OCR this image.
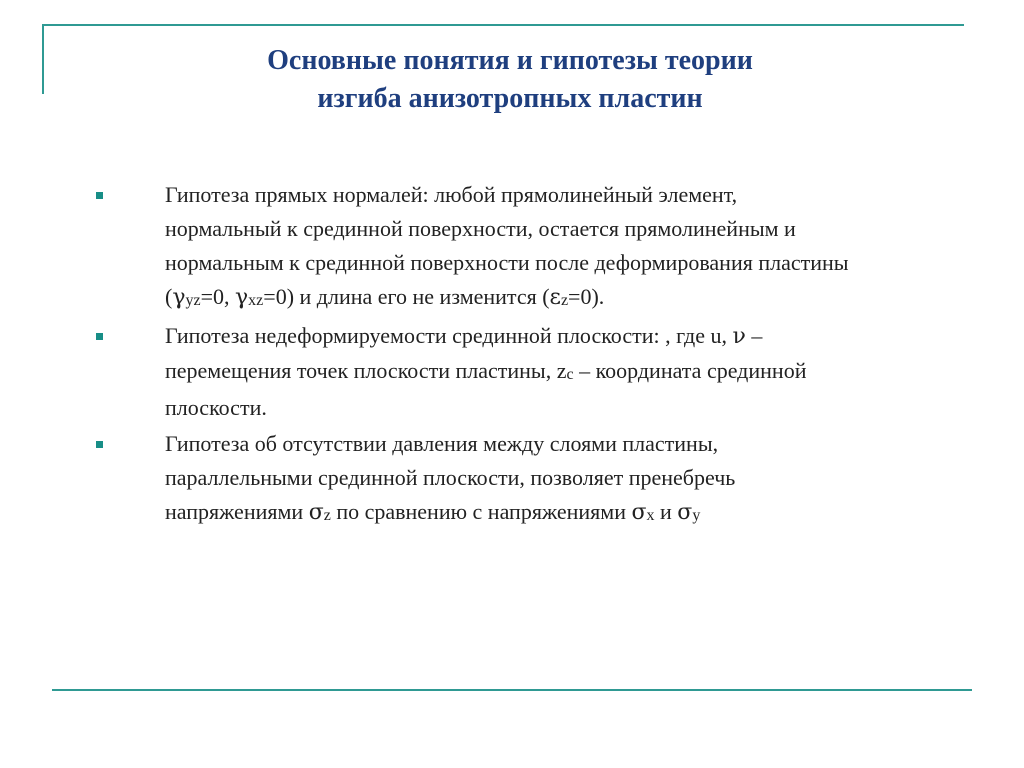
Основные понятия и гипотезы теории
изгиба анизотропных пластин
Гипотеза прямых нормалей: любой прямолинейный элемент,
нормальный к срединной поверхности, остается прямолинейным и
нормальным к срединной поверхности после деформирования пластины
($\gamma_{yz}=0$, $\gamma_{xz}=0$) и длина его не изменится $(\varepsilon_z=0)$.
Гипотеза недеформируемости срединной плоскости: , где u, ν –
перемещения точек плоскости пластины, $z_c$ – координата срединной
плоскости.
Гипотеза об отсутствии давления между слоями пластины,
параллельными срединной плоскости, позволяет пренебречь
напряжениями $\sigma_z$ по сравнению с напряжениями $\sigma_x$ и $\sigma_y$
